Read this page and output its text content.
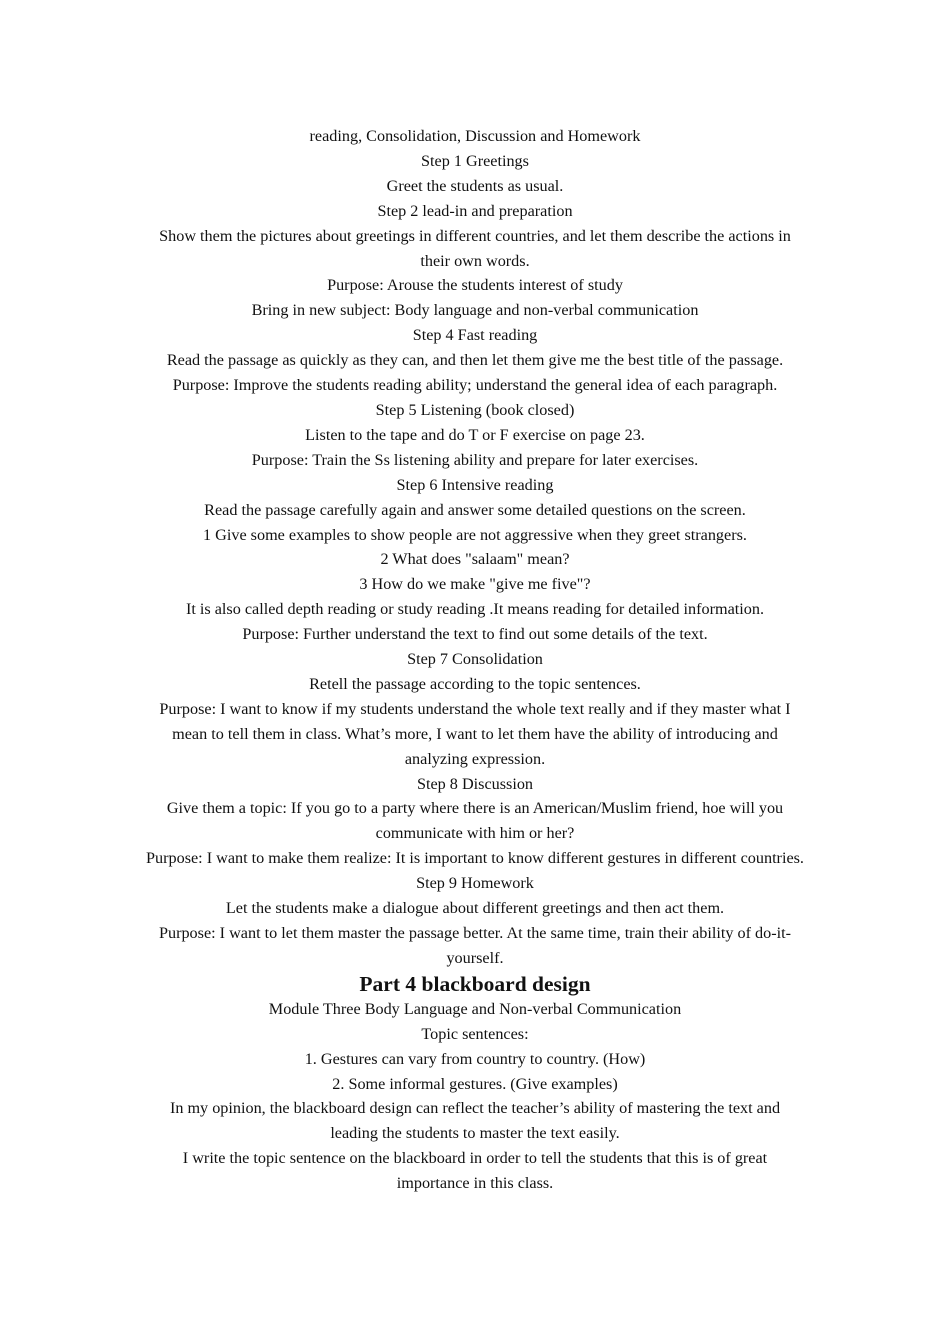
reading, Consolidation, Discussion and Homework

Step 1 Greetings

Greet the students as usual.

Step 2 lead-in and preparation

Show them the pictures about greetings in different countries, and let them describe the actions in their own words.

Purpose: Arouse the students interest of study

Bring in new subject: Body language and non-verbal communication

Step 4 Fast reading

Read the passage as quickly as they can, and then let them give me the best title of the passage.

Purpose: Improve the students reading ability; understand the general idea of each paragraph.

Step 5 Listening (book closed)

Listen to the tape and do T or F exercise on page 23.

Purpose: Train the Ss listening ability and prepare for later exercises.

Step 6 Intensive reading

Read the passage carefully again and answer some detailed questions on the screen.

1 Give some examples to show people are not aggressive when they greet strangers.

2 What does "salaam" mean?

3 How do we make "give me five"?

It is also called depth reading or study reading .It means reading for detailed information.

Purpose: Further understand the text to find out some details of the text.

Step 7 Consolidation

Retell the passage according to the topic sentences.

Purpose: I want to know if my students understand the whole text really and if they master what I mean to tell them in class. What’s more, I want to let them have the ability of introducing and analyzing expression.

Step 8 Discussion

Give them a topic: If you go to a party where there is an American/Muslim friend, hoe will you communicate with him or her?

Purpose: I want to make them realize: It is important to know different gestures in different countries.

Step 9 Homework

Let the students make a dialogue about different greetings and then act them.

Purpose: I want to let them master the passage better. At the same time, train their ability of do-it-yourself.

Part 4 blackboard design

Module Three Body Language and Non-verbal Communication

Topic sentences:

1. Gestures can vary from country to country. (How)

2. Some informal gestures. (Give examples)

In my opinion, the blackboard design can reflect the teacher’s ability of mastering the text and leading the students to master the text easily.

I write the topic sentence on the blackboard in order to tell the students that this is of great importance in this class.
